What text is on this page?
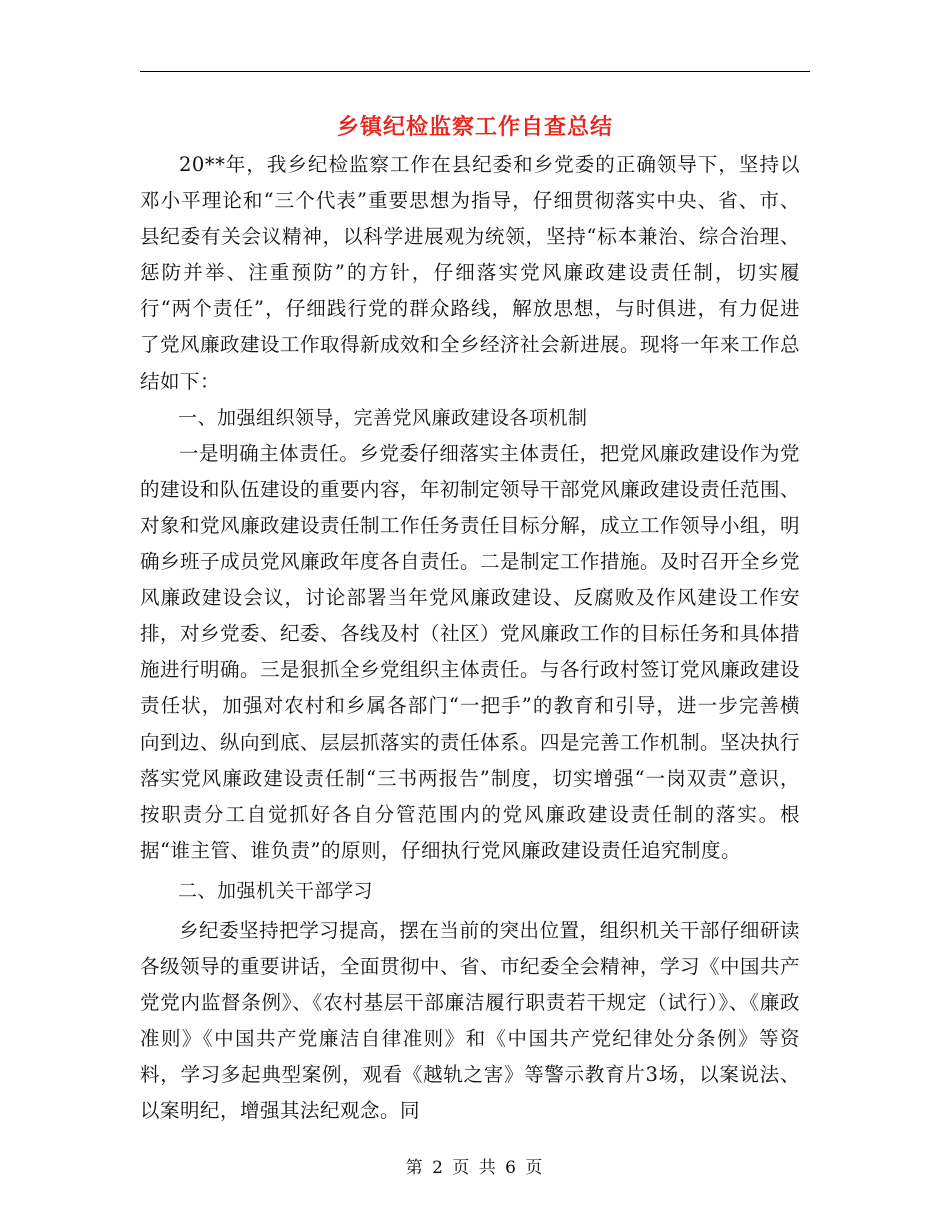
乡镇纪检监察工作自查总结

20**年，我乡纪检监察工作在县纪委和乡党委的正确领导下，坚持以邓小平理论和“三个代表”重要思想为指导，仔细贯彻落实中央、省、市、县纪委有关会议精神，以科学进展观为统领，坚持“标本兼治、综合治理、惩防并举、注重预防”的方针，仔细落实党风廉政建设责任制，切实履行“两个责任”，仔细践行党的群众路线，解放思想，与时俱进，有力促进了党风廉政建设工作取得新成效和全乡经济社会新进展。现将一年来工作总结如下：

一、加强组织领导，完善党风廉政建设各项机制

一是明确主体责任。乡党委仔细落实主体责任，把党风廉政建设作为党的建设和队伍建设的重要内容，年初制定领导干部党风廉政建设责任范围、对象和党风廉政建设责任制工作任务责任目标分解，成立工作领导小组，明确乡班子成员党风廉政年度各自责任。二是制定工作措施。及时召开全乡党风廉政建设会议，讨论部署当年党风廉政建设、反腐败及作风建设工作安排，对乡党委、纪委、各线及村（社区）党风廉政工作的目标任务和具体措施进行明确。三是狠抓全乡党组织主体责任。与各行政村签订党风廉政建设责任状，加强对农村和乡属各部门“一把手”的教育和引导，进一步完善横向到边、纵向到底、层层抓落实的责任体系。四是完善工作机制。坚决执行落实党风廉政建设责任制“三书两报告”制度，切实增强“一岗双责”意识，按职责分工自觉抓好各自分管范围内的党风廉政建设责任制的落实。根据“谁主管、谁负责”的原则，仔细执行党风廉政建设责任追究制度。

二、加强机关干部学习

乡纪委坚持把学习提高，摆在当前的突出位置，组织机关干部仔细研读各级领导的重要讲话，全面贯彻中、省、市纪委全会精神，学习《中国共产党党内监督条例》、《农村基层干部廉洁履行职责若干规定（试行）》、《廉政准则》《中国共产党廉洁自律准则》和《中国共产党纪律处分条例》等资料，学习多起典型案例，观看《越轨之害》等警示教育片3场，以案说法、以案明纪，增强其法纪观念。同

第 2 页 共 6 页
